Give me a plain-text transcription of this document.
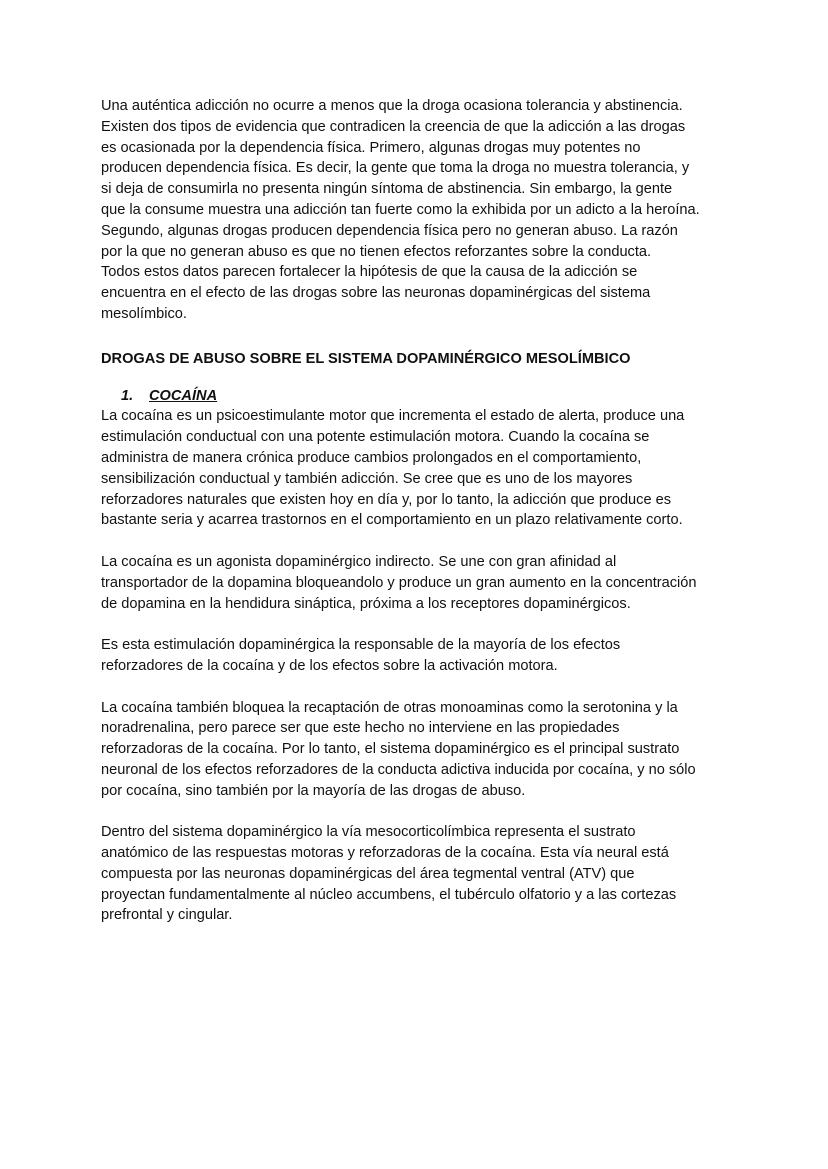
Una auténtica adicción no ocurre a menos que la droga ocasiona tolerancia y abstinencia.
Existen dos tipos de evidencia que contradicen la creencia de que la adicción a las drogas
es ocasionada por la dependencia física. Primero, algunas drogas muy potentes no
producen dependencia física. Es decir, la gente que toma la droga no muestra tolerancia, y
si deja de consumirla no presenta ningún síntoma de abstinencia. Sin embargo, la gente
que la consume muestra una adicción tan fuerte como la exhibida por un adicto a la heroína.
Segundo, algunas drogas producen dependencia física pero no generan abuso. La razón
por la que no generan abuso es que no tienen efectos reforzantes sobre la conducta.
Todos estos datos parecen fortalecer la hipótesis de que la causa de la adicción se
encuentra en el efecto de las drogas sobre las neuronas dopaminérgicas del sistema
mesolímbico.

DROGAS DE ABUSO SOBRE EL SISTEMA DOPAMINÉRGICO MESOLÍMBICO

1. COCAÍNA

La cocaína es un psicoestimulante motor que incrementa el estado de alerta, produce una
estimulación conductual con una potente estimulación motora. Cuando la cocaína se
administra de manera crónica produce cambios prolongados en el comportamiento,
sensibilización conductual y también adicción. Se cree que es uno de los mayores
reforzadores naturales que existen hoy en día y, por lo tanto, la adicción que produce es
bastante seria y acarrea trastornos en el comportamiento en un plazo relativamente corto.

La cocaína es un agonista dopaminérgico indirecto. Se une con gran afinidad al
transportador de la dopamina bloqueandolo y produce un gran aumento en la concentración
de dopamina en la hendidura sináptica, próxima a los receptores dopaminérgicos.

Es esta estimulación dopaminérgica la responsable de la mayoría de los efectos
reforzadores de la cocaína y de los efectos sobre la activación motora.

La cocaína también bloquea la recaptación de otras monoaminas como la serotonina y la
noradrenalina, pero parece ser que este hecho no interviene en las propiedades
reforzadoras de la cocaína. Por lo tanto, el sistema dopaminérgico es el principal sustrato
neuronal de los efectos reforzadores de la conducta adictiva inducida por cocaína, y no sólo
por cocaína, sino también por la mayoría de las drogas de abuso.

Dentro del sistema dopaminérgico la vía mesocorticolímbica representa el sustrato
anatómico de las respuestas motoras y reforzadoras de la cocaína. Esta vía neural está
compuesta por las neuronas dopaminérgicas del área tegmental ventral (ATV) que
proyectan fundamentalmente al núcleo accumbens, el tubérculo olfatorio y a las cortezas
prefrontal y cingular.
